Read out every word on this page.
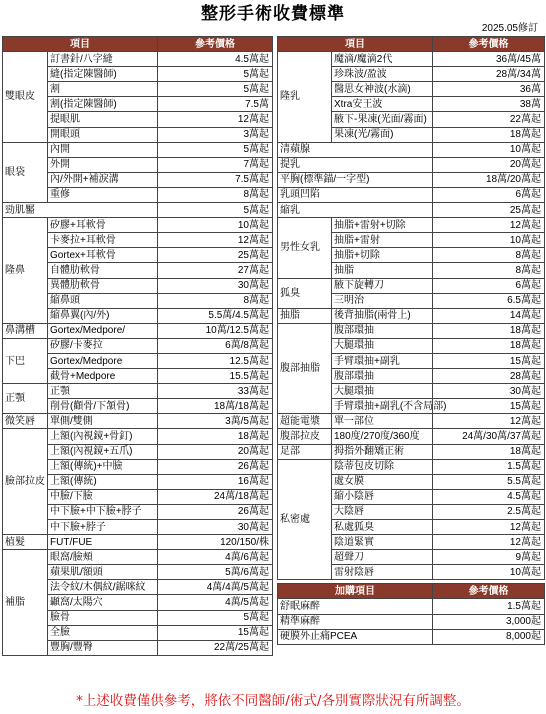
整形手術收費標準
2025.05修訂
項目		參考價格
雙眼皮	訂書針/八字縫	4.5萬起
	縫(指定陳醫師)	5萬起
	割	5萬起
	割(指定陳醫師)	7.5萬
	提眼肌	12萬起
	開眼頭	3萬起
眼袋	內開	5萬起
	外開	7萬起
	內/外開+補淚溝	7.5萬起
	重修	8萬起
勁肌靨		5萬起
隆鼻	矽膠+耳軟骨	10萬起
	卡麥拉+耳軟骨	12萬起
	Gortex+耳軟骨	25萬起
	自體肋軟骨	27萬起
	異體肋軟骨	30萬起
	縮鼻頭	8萬起
	縮鼻翼(內/外)	5.5萬/4.5萬起
鼻溝槽	Gortex/Medpore/	10萬/12.5萬起
下巴	矽膠/卡麥拉	6萬/8萬起
	Gortex/Medpore	12.5萬起
	截骨+Medpore	15.5萬起
正顎	正顎	33萬起
	削骨(顴骨/下頷骨)	18萬/18萬起
微笑唇	單側/雙側	3萬/5萬起
臉部拉皮	上額(內視鏡+骨釘)	18萬起
	上額(內視鏡+五爪)	20萬起
	上額(傳統)+中臉	26萬起
	上額(傳統)	16萬起
	中臉/下臉	24萬/18萬起
	中下臉+中下臉+脖子	26萬起
	中下臉+脖子	30萬起
植髮	FUT/FUE	120/150/株
補脂	眼窩/臉頰	4萬/6萬起
	蘋果肌/額頭	5萬/6萬起
	法令紋/木偶紋/鋸咪紋	4萬/4萬/5萬起
	顳窩/太陽穴	4萬/5萬起
	臉骨	5萬起
	全臉	15萬起
	豐胸/豐臀	22萬/25萬起
項目		參考價格
隆乳	魔滴/魔滴2代	36萬/45萬
	珍珠波/盈波	28萬/34萬
	醫思女神波(水滴)	36萬
	Xtra安王波	38萬
	腋下-果凍(光面/霧面)	22萬起
	果凍(光/霧面)	18萬起
清蘋腺		10萬起
提乳		20萬起
平胸(標準錨/一字型)		18萬/20萬起
乳頭凹陷		6萬起
縮乳		25萬起
男性女乳	抽脂+雷射+切除	12萬起
	抽脂+雷射	10萬起
	抽脂+切除	8萬起
	抽脂	8萬起
狐臭	腋下旋轉刀	6萬起
	三明治	6.5萬起
抽脂	後背抽脂(兩骨上)	14萬起
腹部抽脂	腹部環抽	18萬起
	大腿環抽	18萬起
	手臂環抽+副乳	15萬起
	腹部環抽	28萬起
	大腿環抽	30萬起
	手臂環抽+副乳(不含局部)	15萬起
超能電漿	單一部位	12萬起
腹部拉皮	180度/270度/360度	24萬/30萬/37萬起
足部	拇指外翻矯正術	18萬起
私密處	陰蒂包皮切除	1.5萬起
	處女膜	5.5萬起
	縮小陰唇	4.5萬起
	大陰唇	2.5萬起
	私處狐臭	12萬起
	陰道緊實	12萬起
	超聲刀	9萬起
	雷射陰唇	10萬起

加購項目		參考價格
舒眠麻醉		1.5萬起
精準麻醉		3,000起
硬膜外止痛PCEA		8,000起
*上述收費僅供參考，將依不同醫師/術式/各別實際狀況有所調整。
